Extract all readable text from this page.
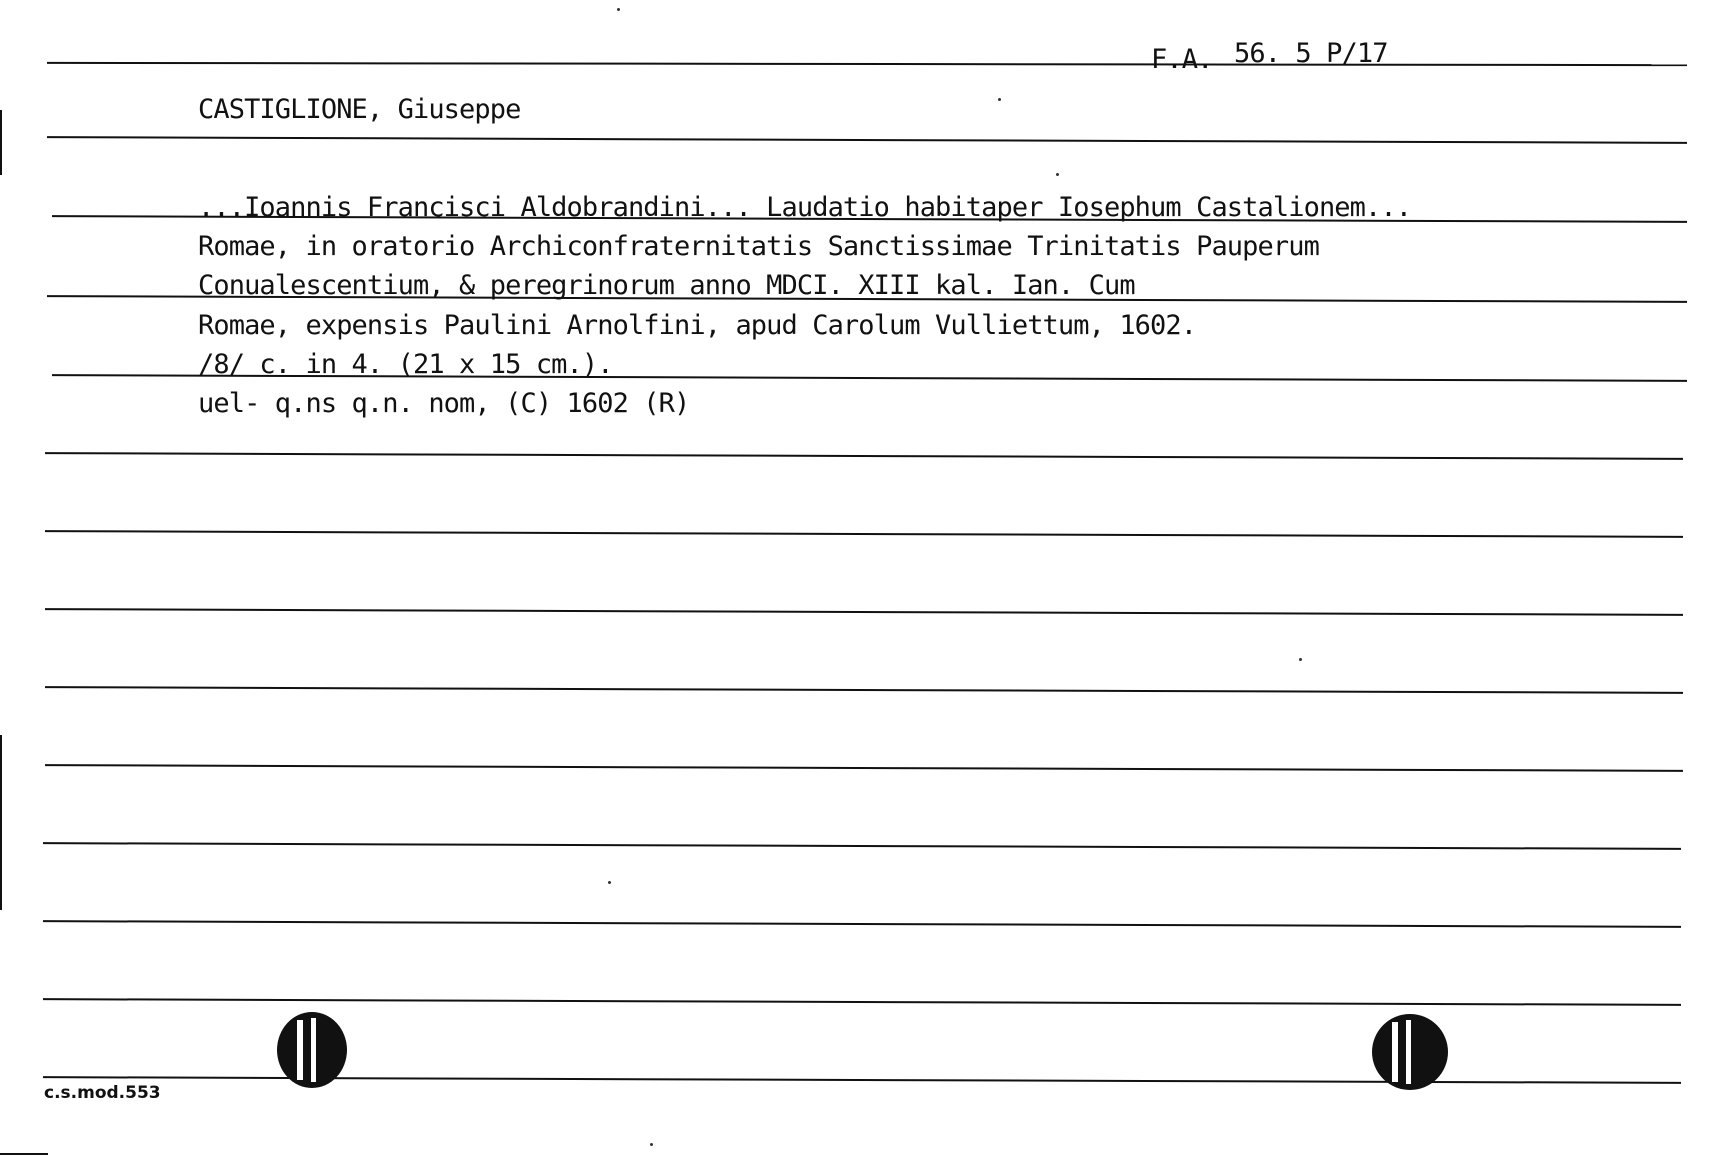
F.A. 56. 5 P/17
CASTIGLIONE, Giuseppe
...Ioannis Francisci Aldobrandini... Laudatio habitaper Iosephum Castalionem...
Romae, in oratorio Archiconfraternitatis Sanctissimae Trinitatis Pauperum
Conualescentium, & peregrinorum anno MDCI. XIII kal. Ian. Cum
Romae, expensis Paulini Arnolfini, apud Carolum Vulliettum, 1602.
/8/ c. in 4. (21 x 15 cm.).
uel- q.ns q.n. nom, (C) 1602 (R)
c.s.mod.553
